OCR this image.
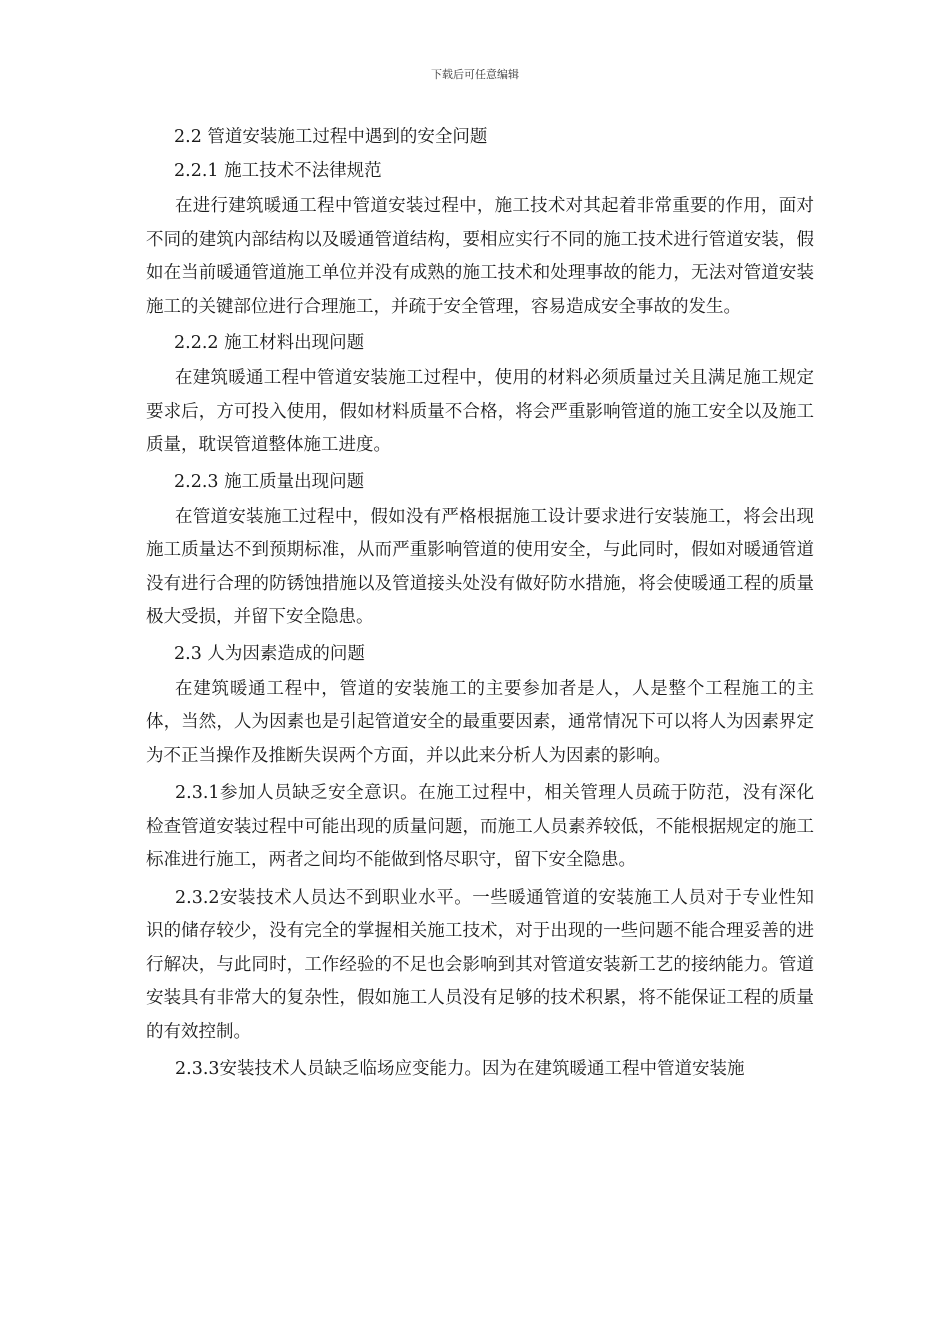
下载后可任意编辑

2.2 管道安装施工过程中遇到的安全问题

2.2.1 施工技术不法律规范

在进行建筑暖通工程中管道安装过程中，施工技术对其起着非常重要的作用，面对不同的建筑内部结构以及暖通管道结构，要相应实行不同的施工技术进行管道安装，假如在当前暖通管道施工单位并没有成熟的施工技术和处理事故的能力，无法对管道安装施工的关键部位进行合理施工，并疏于安全管理，容易造成安全事故的发生。

2.2.2 施工材料出现问题

在建筑暖通工程中管道安装施工过程中，使用的材料必须质量过关且满足施工规定要求后，方可投入使用，假如材料质量不合格，将会严重影响管道的施工安全以及施工质量，耽误管道整体施工进度。

2.2.3 施工质量出现问题

在管道安装施工过程中，假如没有严格根据施工设计要求进行安装施工，将会出现施工质量达不到预期标准，从而严重影响管道的使用安全，与此同时，假如对暖通管道没有进行合理的防锈蚀措施以及管道接头处没有做好防水措施，将会使暖通工程的质量极大受损，并留下安全隐患。

2.3 人为因素造成的问题

在建筑暖通工程中，管道的安装施工的主要参加者是人，人是整个工程施工的主体，当然，人为因素也是引起管道安全的最重要因素，通常情况下可以将人为因素界定为不正当操作及推断失误两个方面，并以此来分析人为因素的影响。

2.3.1参加人员缺乏安全意识。在施工过程中，相关管理人员疏于防范，没有深化检查管道安装过程中可能出现的质量问题，而施工人员素养较低，不能根据规定的施工标准进行施工，两者之间均不能做到恪尽职守，留下安全隐患。

2.3.2安装技术人员达不到职业水平。一些暖通管道的安装施工人员对于专业性知识的储存较少，没有完全的掌握相关施工技术，对于出现的一些问题不能合理妥善的进行解决，与此同时，工作经验的不足也会影响到其对管道安装新工艺的接纳能力。管道安装具有非常大的复杂性，假如施工人员没有足够的技术积累，将不能保证工程的质量的有效控制。

2.3.3安装技术人员缺乏临场应变能力。因为在建筑暖通工程中管道安装施
